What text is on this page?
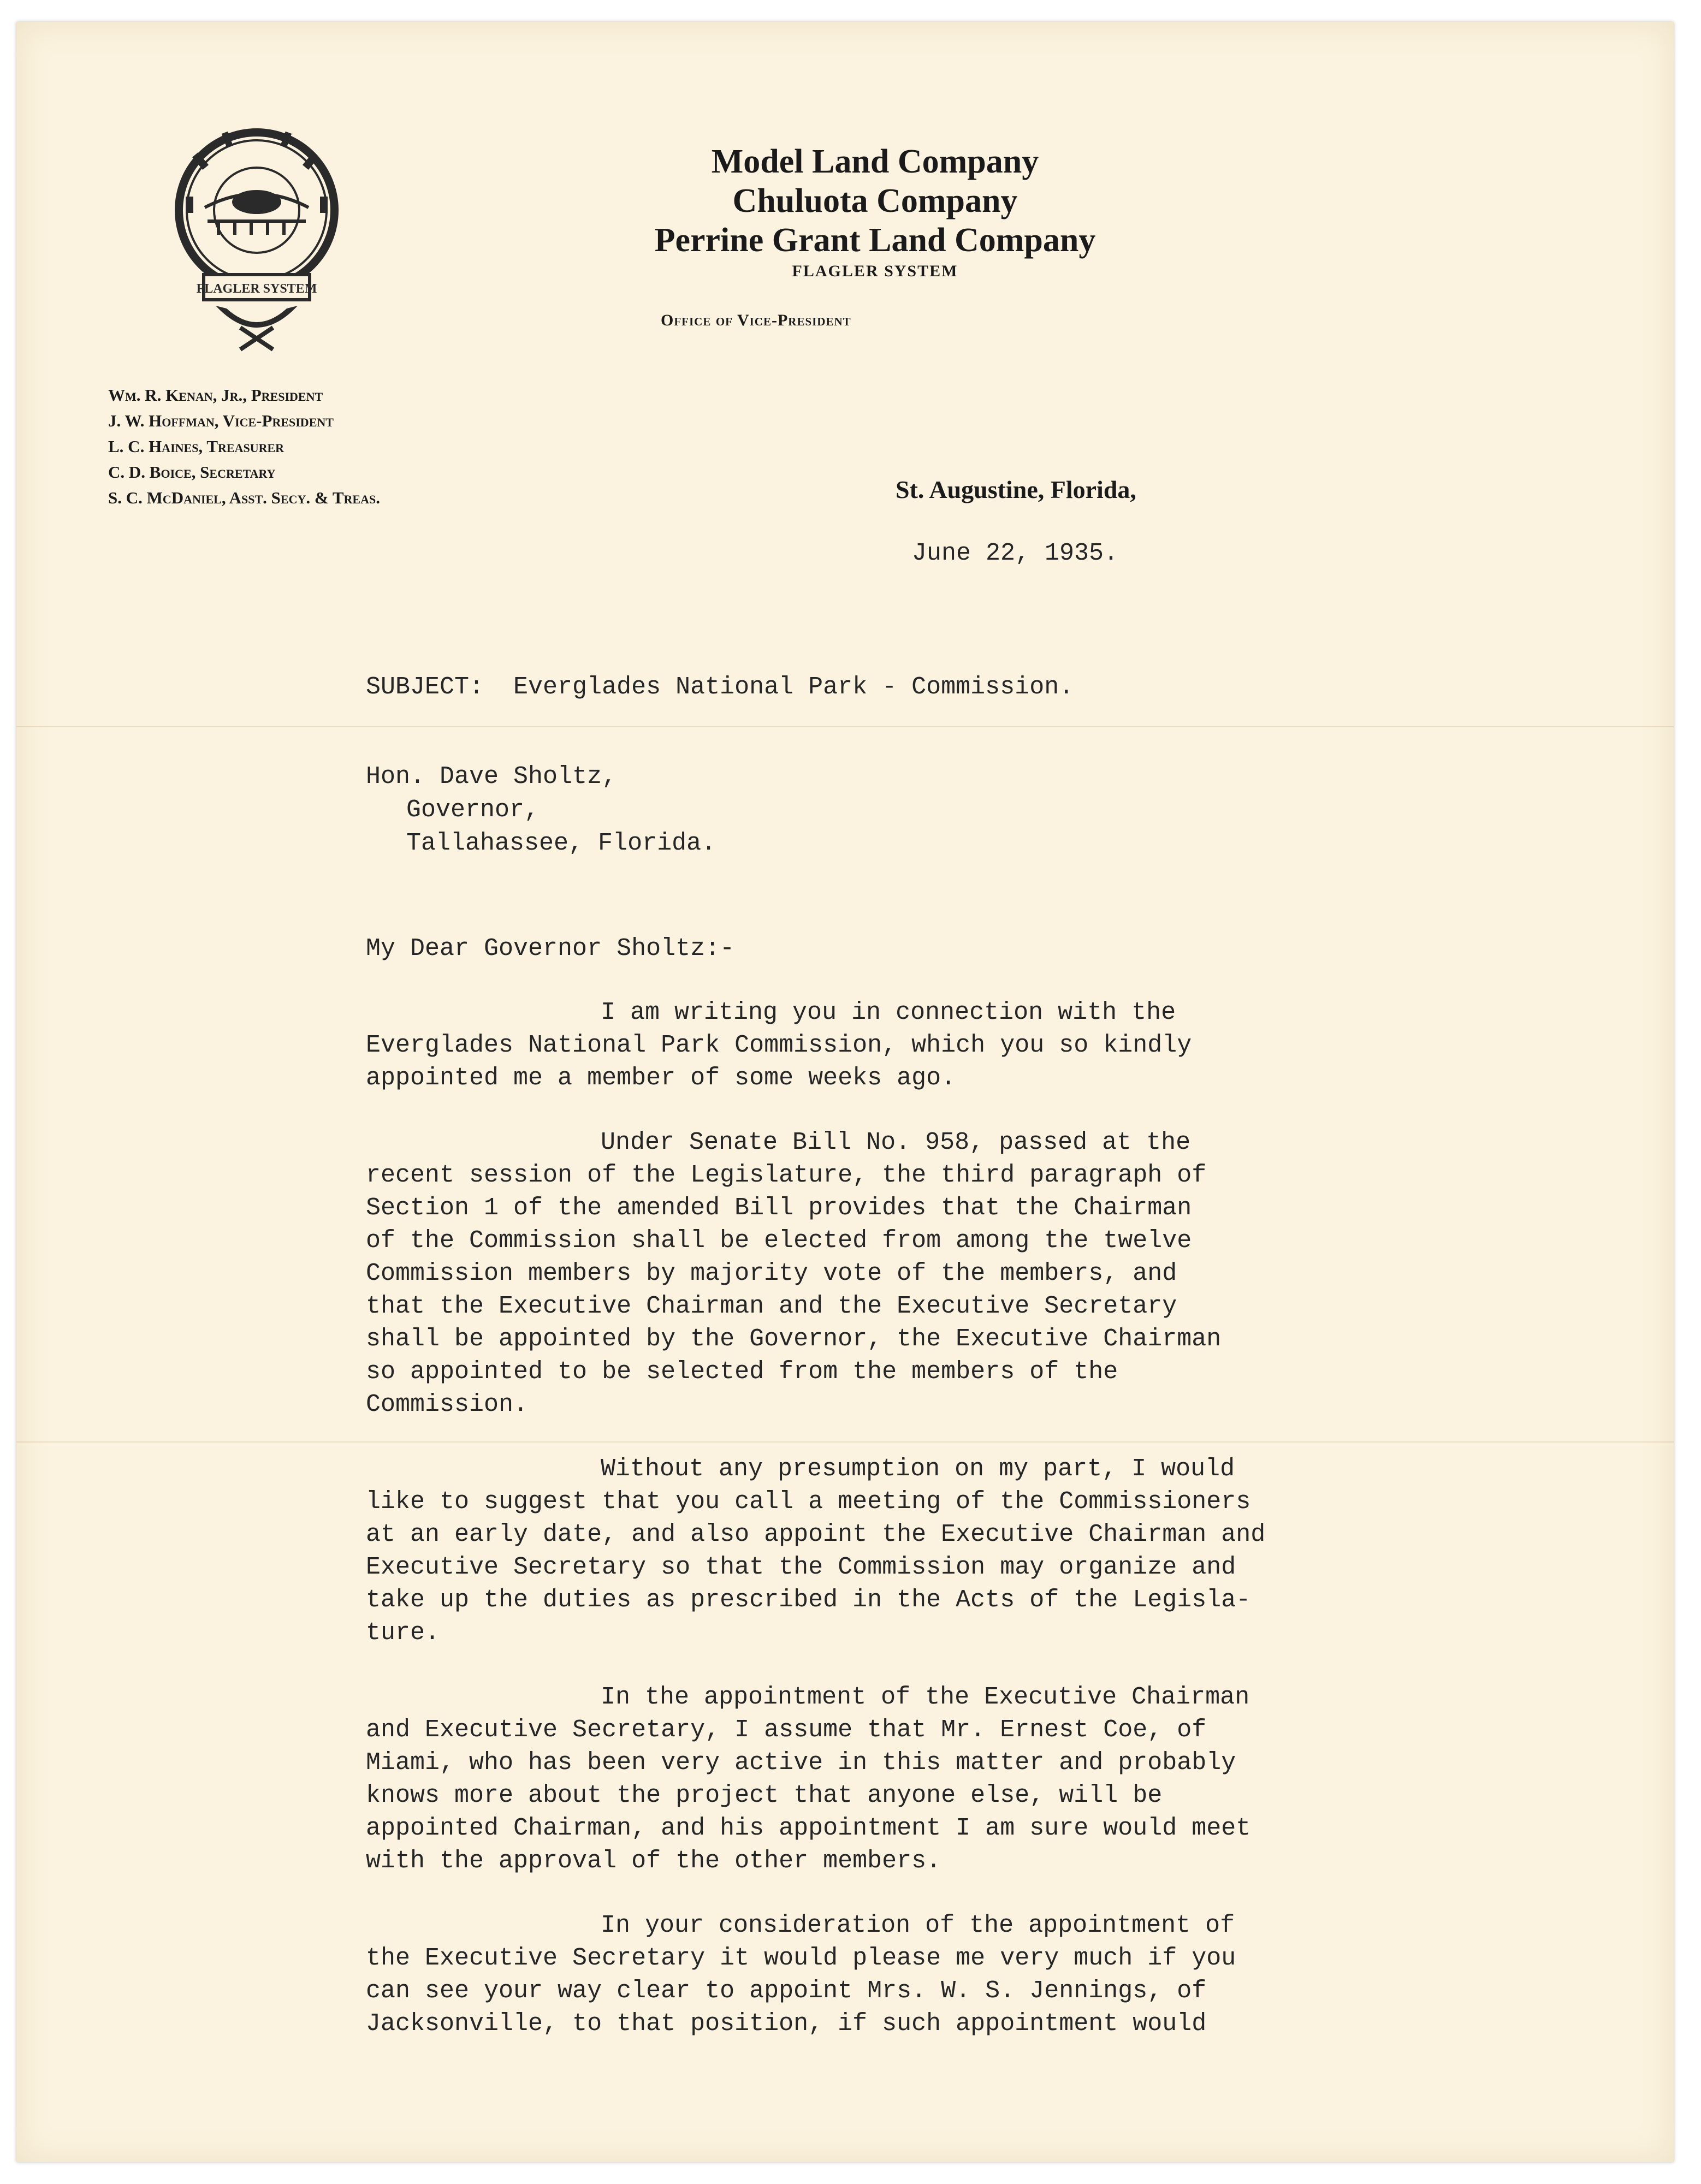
FLAGLER SYSTEM
Model Land Company
Chuluota Company
Perrine Grant Land Company
FLAGLER SYSTEM
Office of Vice-President
Wm. R. Kenan, Jr., President
J. W. Hoffman, Vice-President
L. C. Haines, Treasurer
C. D. Boice, Secretary
S. C. McDaniel, Asst. Secy. & Treas.	St. Augustine, Florida,
June 22, 1935.
SUBJECT:  Everglades National Park - Commission.
Hon. Dave Sholtz,
Governor,
Tallahassee, Florida.
My Dear Governor Sholtz:-
I am writing you in connection with the
Everglades National Park Commission, which you so kindly
appointed me a member of some weeks ago.
Under Senate Bill No. 958, passed at the
recent session of the Legislature, the third paragraph of
Section 1 of the amended Bill provides that the Chairman
of the Commission shall be elected from among the twelve
Commission members by majority vote of the members, and
that the Executive Chairman and the Executive Secretary
shall be appointed by the Governor, the Executive Chairman
so appointed to be selected from the members of the
Commission.
Without any presumption on my part, I would
like to suggest that you call a meeting of the Commissioners
at an early date, and also appoint the Executive Chairman and
Executive Secretary so that the Commission may organize and
take up the duties as prescribed in the Acts of the Legisla-
ture.
In the appointment of the Executive Chairman
and Executive Secretary, I assume that Mr. Ernest Coe, of
Miami, who has been very active in this matter and probably
knows more about the project that anyone else, will be
appointed Chairman, and his appointment I am sure would meet
with the approval of the other members.
In your consideration of the appointment of
the Executive Secretary it would please me very much if you
can see your way clear to appoint Mrs. W. S. Jennings, of
Jacksonville, to that position, if such appointment would
